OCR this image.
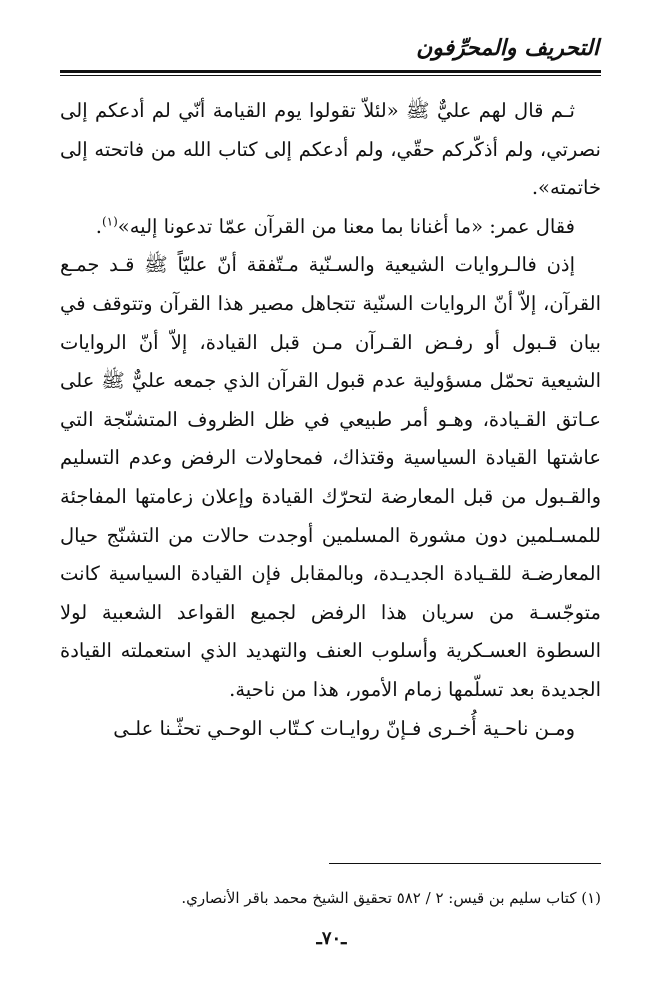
التحريف والمحرِّفون

ثـم قال لهم عليٌّ ﷺ «لئلاّ تقولوا يوم القيامة أنّي لم أدعكم إلى نصرتي، ولم أذكّركم حقّي، ولم أدعكم إلى كتاب الله من فاتحته إلى خاتمته».

فقال عمر: «ما أغنانا بما معنا من القرآن عمّا تدعونا إليه»$^{(١)}$.

إذن فالـروايات الشيعية والسـنّية مـتّفقة أنّ عليّاً ﷺ قـد جمـع القرآن، إلاّ أنّ الروايات السنّية تتجاهل مصير هذا القرآن وتتوقف في بيان قـبول أو رفـض القـرآن مـن قبل القيادة، إلاّ أنّ الروايات الشيعية تحمّل مسؤولية عدم قبول القرآن الذي جمعه عليٌّ ﷺ على عـاتق القـيادة، وهـو أمر طبيعي في ظل الظروف المتشنّجة التي عاشتها القيادة السياسية وقتذاك، فمحاولات الرفض وعدم التسليم والقـبول من قبل المعارضة لتحرّك القيادة وإعلان زعامتها المفاجئة للمسـلمين دون مشورة المسلمين أوجدت حالات من التشنّج حيال المعارضـة للقـيادة الجديـدة، وبالمقابل فإن القيادة السياسية كانت متوجّسـة من سريان هذا الرفض لجميع القواعد الشعبية لولا السطوة العسـكرية وأسلوب العنف والتهديد الذي استعملته القيادة الجديدة بعد تسلّمها زمام الأمور، هذا من ناحية.

ومـن ناحـية أُخـرى فـإنّ روايـات كـتّاب الوحـي تحثّـنا علـى

(١) كتاب سليم بن قيس: ٢ / ٥٨٢ تحقيق الشيخ محمد باقر الأنصاري.
ـ٧٠ـ
